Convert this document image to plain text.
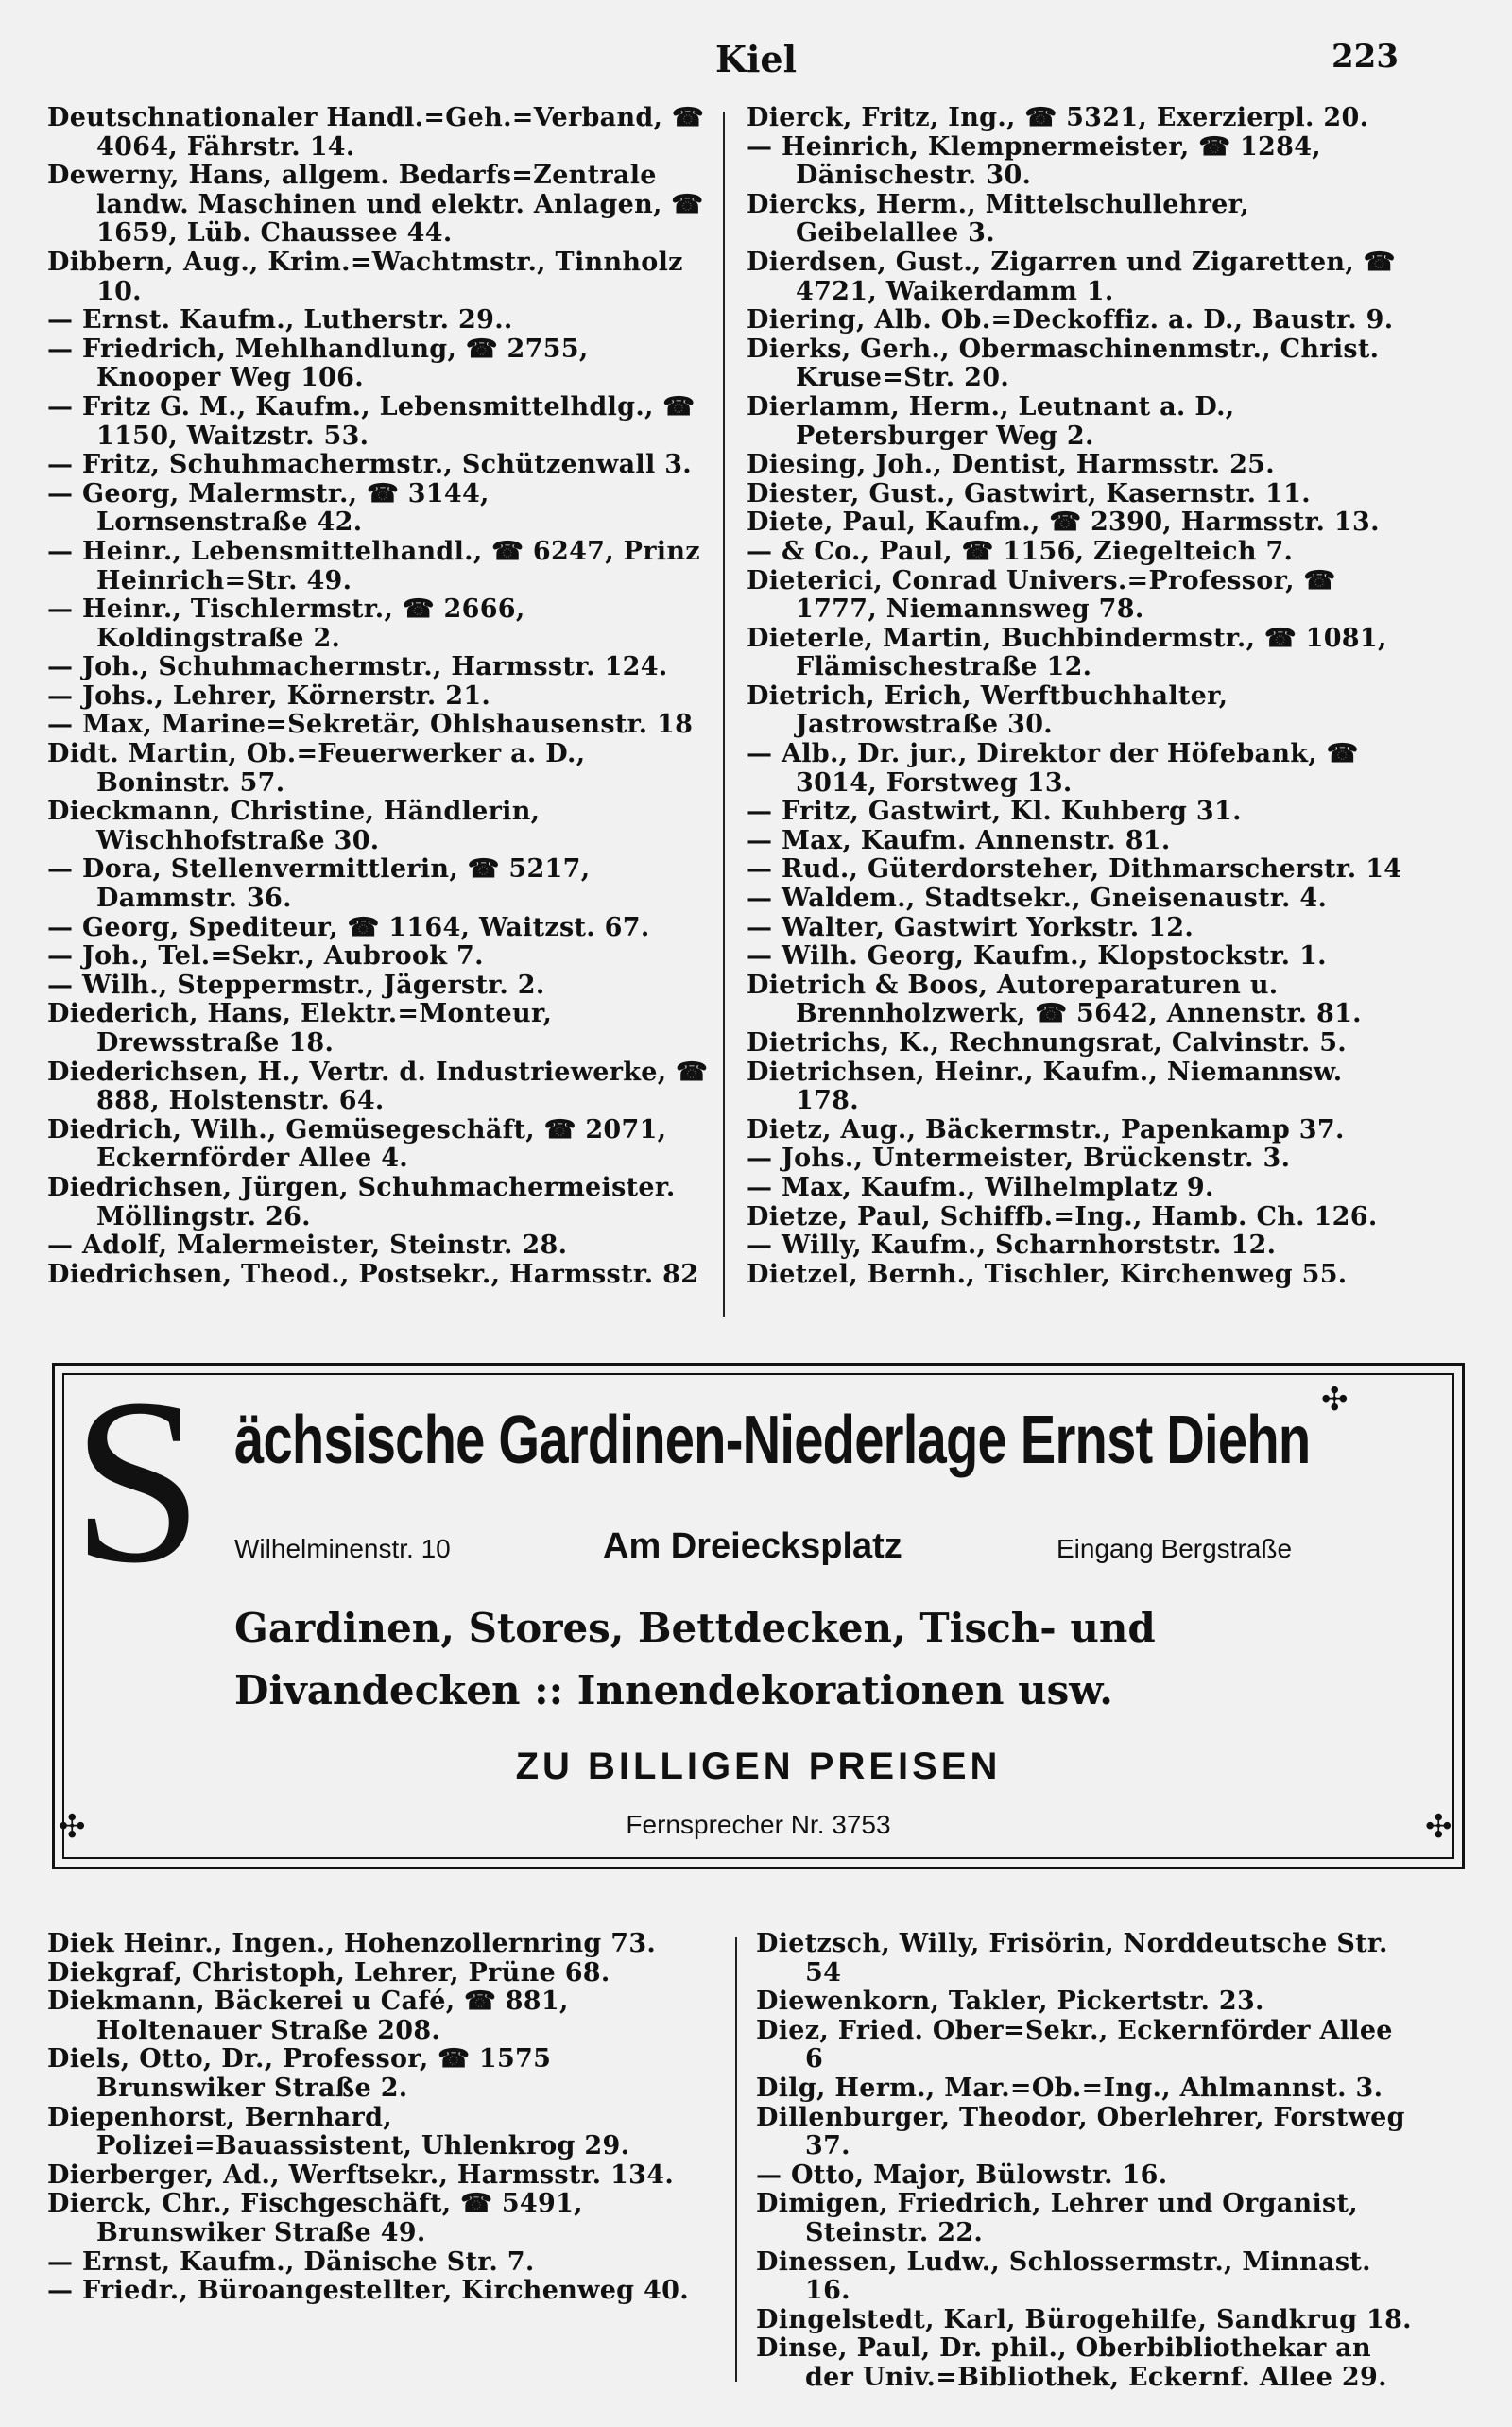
Kiel	223

Deutschnationaler Handl.=Geh.=Verband, ☎ 4064, Fährstr. 14.

Dewerny, Hans, allgem. Bedarfs=Zentrale landw. Maschinen und elektr. Anlagen, ☎ 1659, Lüb. Chaussee 44.

Dibbern, Aug., Krim.=Wachtmstr., Tinnholz 10.

— Ernst. Kaufm., Lutherstr. 29..

— Friedrich, Mehlhandlung, ☎ 2755, Knooper Weg 106.

— Fritz G. M., Kaufm., Lebensmittelhdlg., ☎ 1150, Waitzstr. 53.

— Fritz, Schuhmachermstr., Schützenwall 3.

— Georg, Malermstr., ☎ 3144, Lornsenstraße 42.

— Heinr., Lebensmittelhandl., ☎ 6247, Prinz Heinrich=Str. 49.

— Heinr., Tischlermstr., ☎ 2666, Koldingstraße 2.

— Joh., Schuhmachermstr., Harmsstr. 124.

— Johs., Lehrer, Körnerstr. 21.

— Max, Marine=Sekretär, Ohlshausenstr. 18

Didt. Martin, Ob.=Feuerwerker a. D., Boninstr. 57.

Dieckmann, Christine, Händlerin, Wischhofstraße 30.

— Dora, Stellenvermittlerin, ☎ 5217, Dammstr. 36.

— Georg, Spediteur, ☎ 1164, Waitzst. 67.

— Joh., Tel.=Sekr., Aubrook 7.

— Wilh., Steppermstr., Jägerstr. 2.

Diederich, Hans, Elektr.=Monteur, Drewsstraße 18.

Diederichsen, H., Vertr. d. Industriewerke, ☎ 888, Holstenstr. 64.

Diedrich, Wilh., Gemüsegeschäft, ☎ 2071, Eckernförder Allee 4.

Diedrichsen, Jürgen, Schuhmachermeister. Möllingstr. 26.

— Adolf, Malermeister, Steinstr. 28.

Diedrichsen, Theod., Postsekr., Harmsstr. 82

Dierck, Fritz, Ing., ☎ 5321, Exerzierpl. 20.

— Heinrich, Klempnermeister, ☎ 1284, Dänischestr. 30.

Diercks, Herm., Mittelschullehrer, Geibelallee 3.

Dierdsen, Gust., Zigarren und Zigaretten, ☎ 4721, Waikerdamm 1.

Diering, Alb. Ob.=Deckoffiz. a. D., Baustr. 9.

Dierks, Gerh., Obermaschinenmstr., Christ. Kruse=Str. 20.

Dierlamm, Herm., Leutnant a. D., Petersburger Weg 2.

Diesing, Joh., Dentist, Harmsstr. 25.

Diester, Gust., Gastwirt, Kasernstr. 11.

Diete, Paul, Kaufm., ☎ 2390, Harmsstr. 13.

— & Co., Paul, ☎ 1156, Ziegelteich 7.

Dieterici, Conrad Univers.=Professor, ☎ 1777, Niemannsweg 78.

Dieterle, Martin, Buchbindermstr., ☎ 1081, Flämischestraße 12.

Dietrich, Erich, Werftbuchhalter, Jastrowstraße 30.

— Alb., Dr. jur., Direktor der Höfebank, ☎ 3014, Forstweg 13.

— Fritz, Gastwirt, Kl. Kuhberg 31.

— Max, Kaufm. Annenstr. 81.

— Rud., Güterdorsteher, Dithmarscherstr. 14

— Waldem., Stadtsekr., Gneisenaustr. 4.

— Walter, Gastwirt Yorkstr. 12.

— Wilh. Georg, Kaufm., Klopstockstr. 1.

Dietrich & Boos, Autoreparaturen u. Brennholzwerk, ☎ 5642, Annenstr. 81.

Dietrichs, K., Rechnungsrat, Calvinstr. 5.

Dietrichsen, Heinr., Kaufm., Niemannsw. 178.

Dietz, Aug., Bäckermstr., Papenkamp 37.

— Johs., Untermeister, Brückenstr. 3.

— Max, Kaufm., Wilhelmplatz 9.

Dietze, Paul, Schiffb.=Ing., Hamb. Ch. 126.

— Willy, Kaufm., Scharnhorststr. 12.

Dietzel, Bernh., Tischler, Kirchenweg 55.

✣
✣	✣
S ächsische Gardinen-Niederlage Ernst Diehn
Wilhelminenstr. 10	Am Dreiecksplatz	Eingang Bergstraße
Gardinen, Stores, Bettdecken, Tisch- und
Divandecken :: Innendekorationen usw.
ZU BILLIGEN PREISEN
Fernsprecher Nr. 3753

Diek Heinr., Ingen., Hohenzollernring 73.

Diekgraf, Christoph, Lehrer, Prüne 68.

Diekmann, Bäckerei u Café, ☎ 881, Holtenauer Straße 208.

Diels, Otto, Dr., Professor, ☎ 1575 Brunswiker Straße 2.

Diepenhorst, Bernhard, Polizei=Bauassistent, Uhlenkrog 29.

Dierberger, Ad., Werftsekr., Harmsstr. 134.

Dierck, Chr., Fischgeschäft, ☎ 5491, Brunswiker Straße 49.

— Ernst, Kaufm., Dänische Str. 7.

— Friedr., Büroangestellter, Kirchenweg 40.

Dietzsch, Willy, Frisörin, Norddeutsche Str. 54

Diewenkorn, Takler, Pickertstr. 23.

Diez, Fried. Ober=Sekr., Eckernförder Allee 6

Dilg, Herm., Mar.=Ob.=Ing., Ahlmannst. 3.

Dillenburger, Theodor, Oberlehrer, Forstweg 37.

— Otto, Major, Bülowstr. 16.

Dimigen, Friedrich, Lehrer und Organist, Steinstr. 22.

Dinessen, Ludw., Schlossermstr., Minnast. 16.

Dingelstedt, Karl, Bürogehilfe, Sandkrug 18.

Dinse, Paul, Dr. phil., Oberbibliothekar an der Univ.=Bibliothek, Eckernf. Allee 29.
